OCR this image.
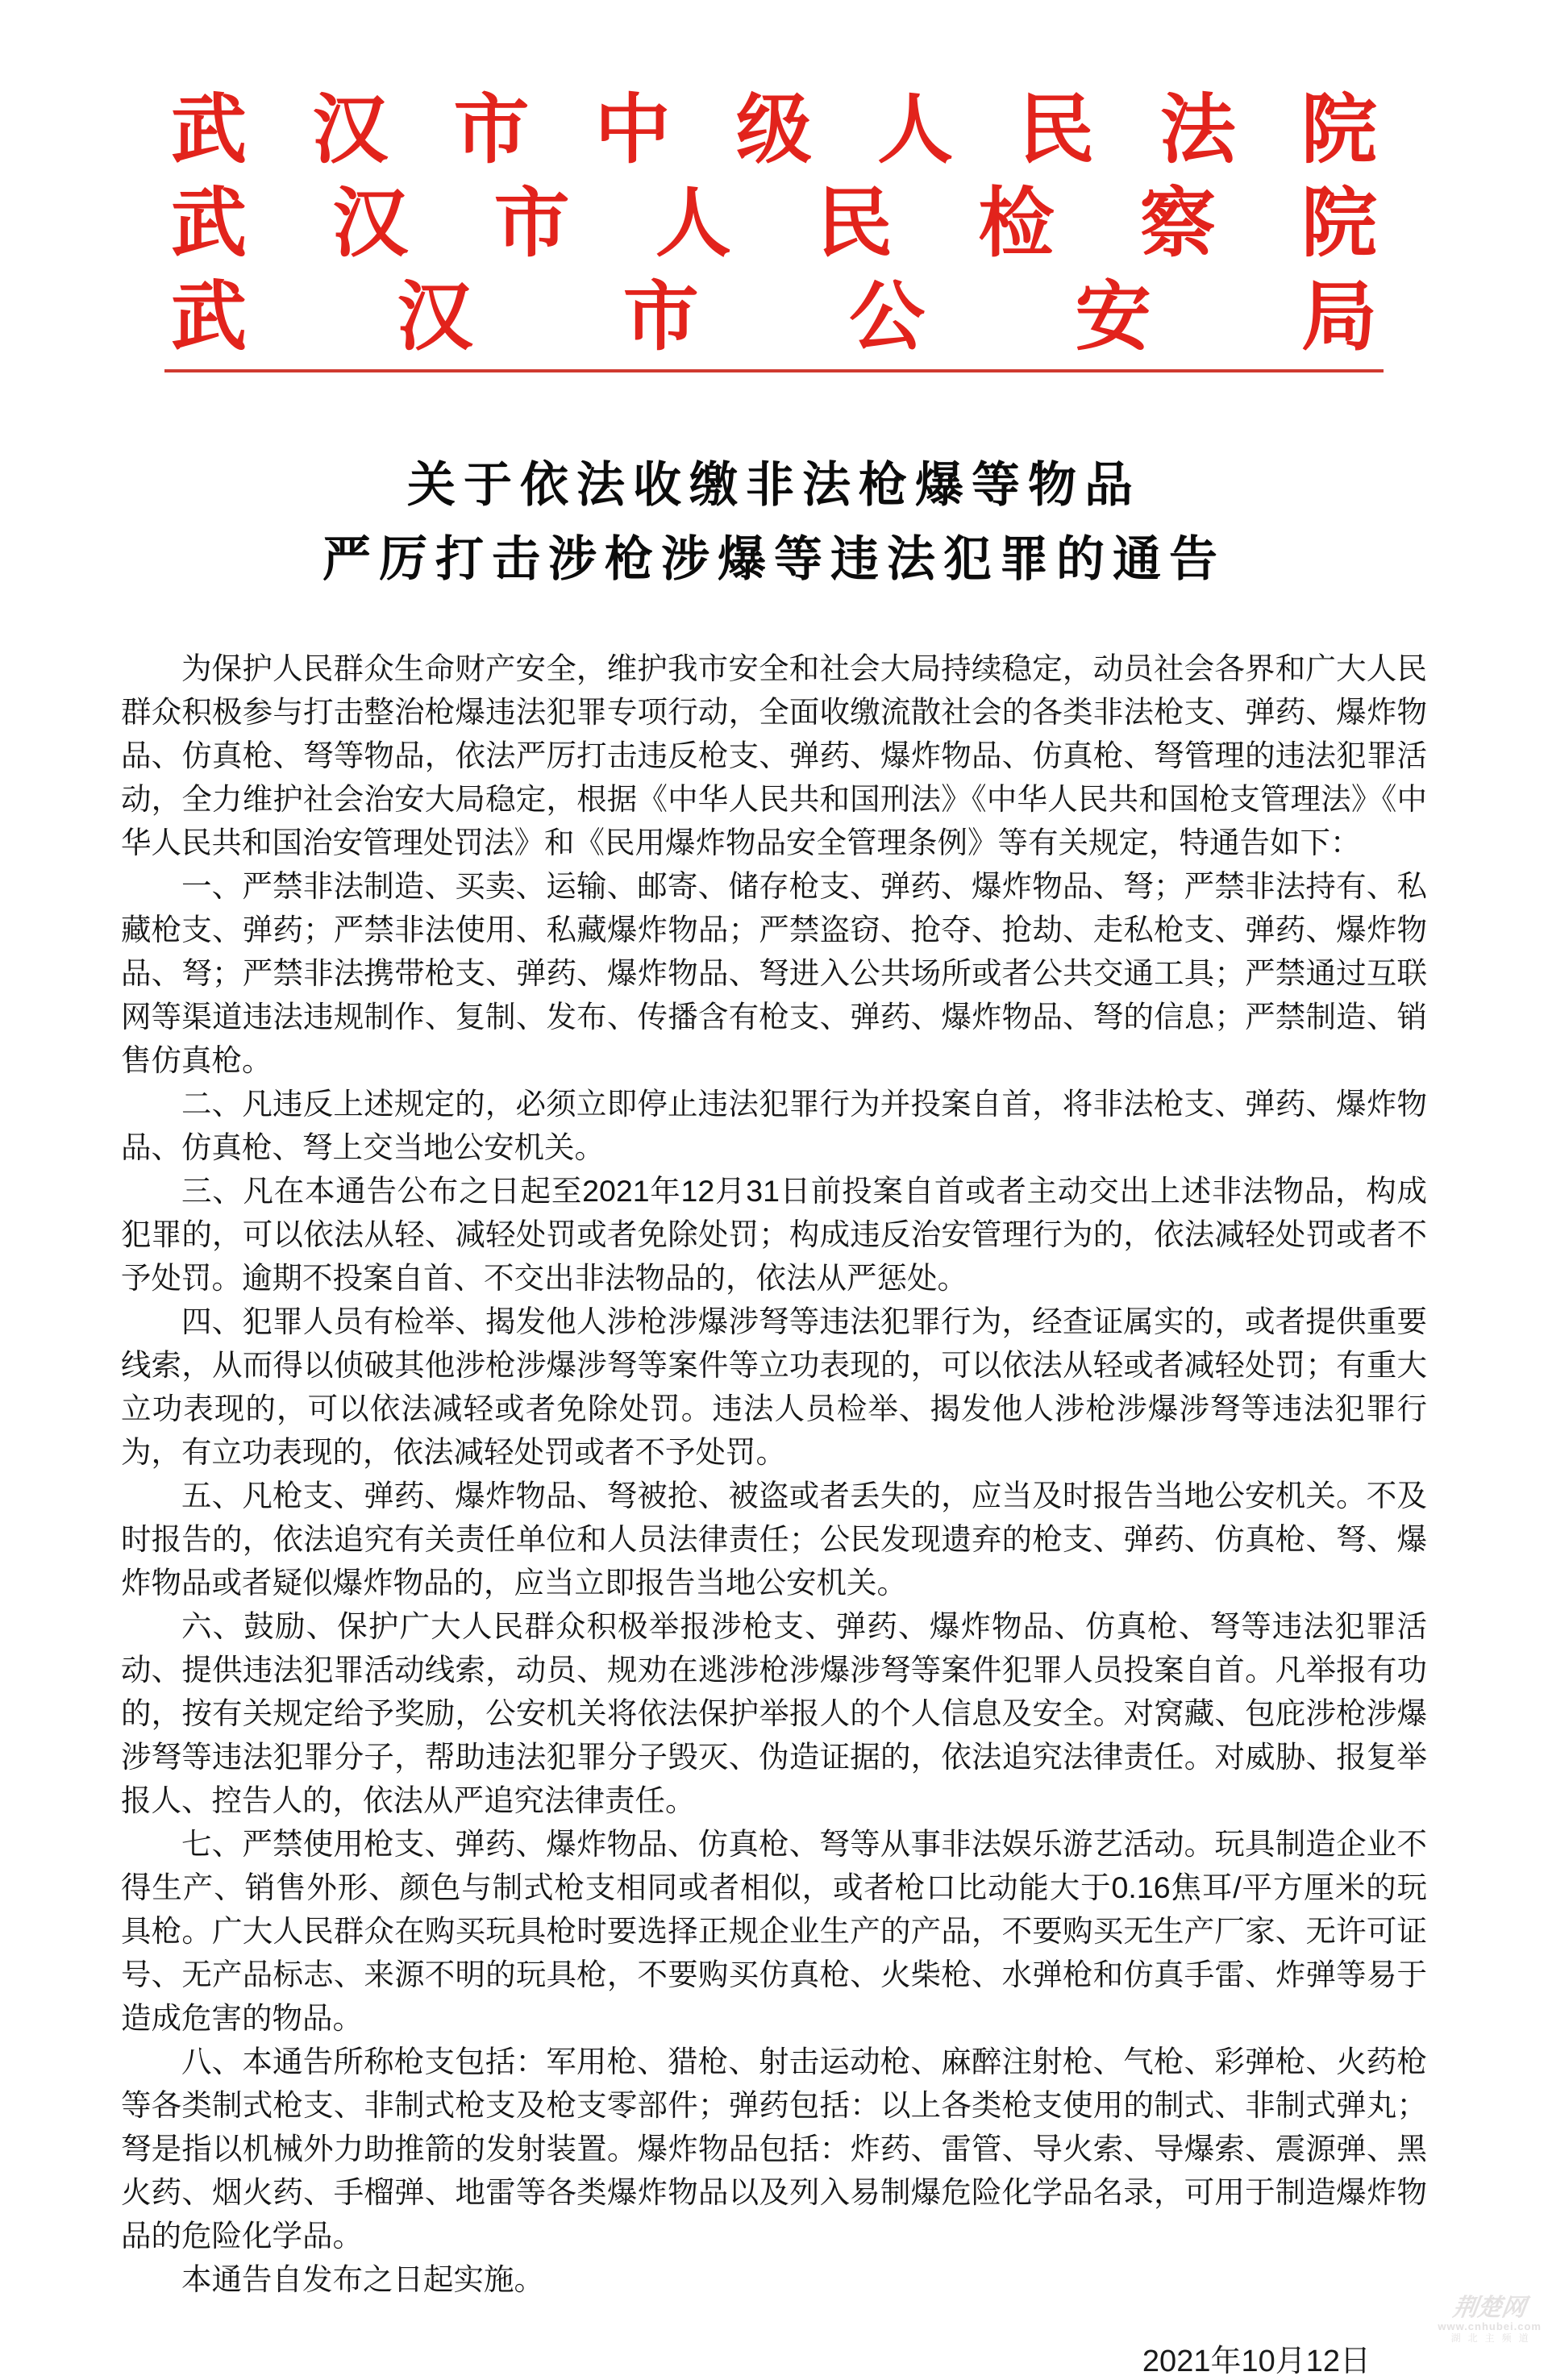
武 汉 市 中 级 人 民 法 院
武 汉 市 人 民 检 察 院
武 汉 市 公 安 局
关于依法收缴非法枪爆等物品
严厉打击涉枪涉爆等违法犯罪的通告

为保护人民群众生命财产安全，维护我市安全和社会大局持续稳定，动员社会各界和广大人民群众积极参与打击整治枪爆违法犯罪专项行动，全面收缴流散社会的各类非法枪支、弹药、爆炸物品、仿真枪、弩等物品，依法严厉打击违反枪支、弹药、爆炸物品、仿真枪、弩管理的违法犯罪活动，全力维护社会治安大局稳定，根据《中华人民共和国刑法》《中华人民共和国枪支管理法》《中华人民共和国治安管理处罚法》和《民用爆炸物品安全管理条例》等有关规定，特通告如下：

一、严禁非法制造、买卖、运输、邮寄、储存枪支、弹药、爆炸物品、弩；严禁非法持有、私藏枪支、弹药；严禁非法使用、私藏爆炸物品；严禁盗窃、抢夺、抢劫、走私枪支、弹药、爆炸物品、弩；严禁非法携带枪支、弹药、爆炸物品、弩进入公共场所或者公共交通工具；严禁通过互联网等渠道违法违规制作、复制、发布、传播含有枪支、弹药、爆炸物品、弩的信息；严禁制造、销售仿真枪。

二、凡违反上述规定的，必须立即停止违法犯罪行为并投案自首，将非法枪支、弹药、爆炸物品、仿真枪、弩上交当地公安机关。

三、凡在本通告公布之日起至2021年12月31日前投案自首或者主动交出上述非法物品，构成犯罪的，可以依法从轻、减轻处罚或者免除处罚；构成违反治安管理行为的，依法减轻处罚或者不予处罚。逾期不投案自首、不交出非法物品的，依法从严惩处。

四、犯罪人员有检举、揭发他人涉枪涉爆涉弩等违法犯罪行为，经查证属实的，或者提供重要线索，从而得以侦破其他涉枪涉爆涉弩等案件等立功表现的，可以依法从轻或者减轻处罚；有重大立功表现的，可以依法减轻或者免除处罚。违法人员检举、揭发他人涉枪涉爆涉弩等违法犯罪行为，有立功表现的，依法减轻处罚或者不予处罚。

五、凡枪支、弹药、爆炸物品、弩被抢、被盗或者丢失的，应当及时报告当地公安机关。不及时报告的，依法追究有关责任单位和人员法律责任；公民发现遗弃的枪支、弹药、仿真枪、弩、爆炸物品或者疑似爆炸物品的，应当立即报告当地公安机关。

六、鼓励、保护广大人民群众积极举报涉枪支、弹药、爆炸物品、仿真枪、弩等违法犯罪活动、提供违法犯罪活动线索，动员、规劝在逃涉枪涉爆涉弩等案件犯罪人员投案自首。凡举报有功的，按有关规定给予奖励，公安机关将依法保护举报人的个人信息及安全。对窝藏、包庇涉枪涉爆涉弩等违法犯罪分子，帮助违法犯罪分子毁灭、伪造证据的，依法追究法律责任。对威胁、报复举报人、控告人的，依法从严追究法律责任。

七、严禁使用枪支、弹药、爆炸物品、仿真枪、弩等从事非法娱乐游艺活动。玩具制造企业不得生产、销售外形、颜色与制式枪支相同或者相似，或者枪口比动能大于0.16焦耳/平方厘米的玩具枪。广大人民群众在购买玩具枪时要选择正规企业生产的产品，不要购买无生产厂家、无许可证号、无产品标志、来源不明的玩具枪，不要购买仿真枪、火柴枪、水弹枪和仿真手雷、炸弹等易于造成危害的物品。

八、本通告所称枪支包括：军用枪、猎枪、射击运动枪、麻醉注射枪、气枪、彩弹枪、火药枪等各类制式枪支、非制式枪支及枪支零部件；弹药包括：以上各类枪支使用的制式、非制式弹丸；弩是指以机械外力助推箭的发射装置。爆炸物品包括：炸药、雷管、导火索、导爆索、震源弹、黑火药、烟火药、手榴弹、地雷等各类爆炸物品以及列入易制爆危险化学品名录，可用于制造爆炸物品的危险化学品。

本通告自发布之日起实施。

2021年10月12日
荆楚网
www.cnhubei.com
湖北主频道
